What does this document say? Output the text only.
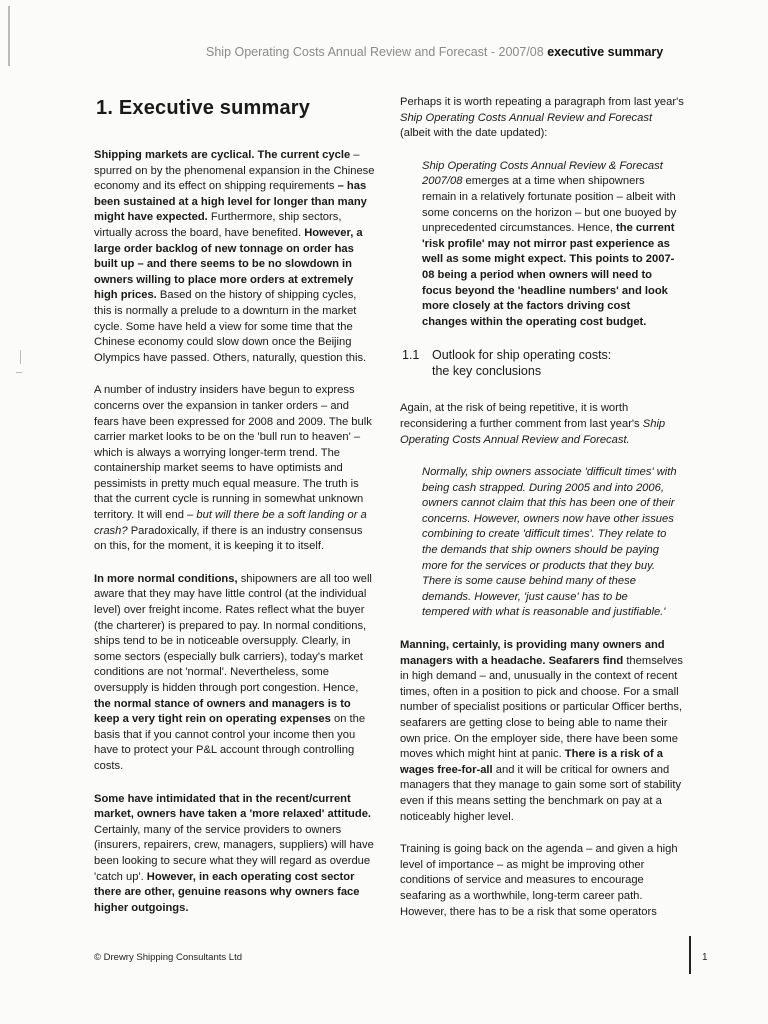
Ship Operating Costs Annual Review and Forecast - 2007/08 executive summary
1. Executive summary

Shipping markets are cyclical. The current cycle – spurred on by the phenomenal expansion in the Chinese economy and its effect on shipping requirements – has been sustained at a high level for longer than many might have expected. Furthermore, ship sectors, virtually across the board, have benefited. However, a large order backlog of new tonnage on order has built up – and there seems to be no slowdown in owners willing to place more orders at extremely high prices. Based on the history of shipping cycles, this is normally a prelude to a downturn in the market cycle. Some have held a view for some time that the Chinese economy could slow down once the Beijing Olympics have passed. Others, naturally, question this.

A number of industry insiders have begun to express concerns over the expansion in tanker orders – and fears have been expressed for 2008 and 2009. The bulk carrier market looks to be on the 'bull run to heaven' – which is always a worrying longer-term trend. The containership market seems to have optimists and pessimists in pretty much equal measure. The truth is that the current cycle is running in somewhat unknown territory. It will end – but will there be a soft landing or a crash? Paradoxically, if there is an industry consensus on this, for the moment, it is keeping it to itself.

In more normal conditions, shipowners are all too well aware that they may have little control (at the individual level) over freight income. Rates reflect what the buyer (the charterer) is prepared to pay. In normal conditions, ships tend to be in noticeable oversupply. Clearly, in some sectors (especially bulk carriers), today's market conditions are not 'normal'. Nevertheless, some oversupply is hidden through port congestion. Hence, the normal stance of owners and managers is to keep a very tight rein on operating expenses on the basis that if you cannot control your income then you have to protect your P&L account through controlling costs.

Some have intimidated that in the recent/current market, owners have taken a 'more relaxed' attitude. Certainly, many of the service providers to owners (insurers, repairers, crew, managers, suppliers) will have been looking to secure what they will regard as overdue 'catch up'. However, in each operating cost sector there are other, genuine reasons why owners face higher outgoings.

Perhaps it is worth repeating a paragraph from last year's Ship Operating Costs Annual Review and Forecast (albeit with the date updated):

Ship Operating Costs Annual Review & Forecast 2007/08 emerges at a time when shipowners remain in a relatively fortunate position – albeit with some concerns on the horizon – but one buoyed by unprecedented circumstances. Hence, the current 'risk profile' may not mirror past experience as well as some might expect. This points to 2007-08 being a period when owners will need to focus beyond the 'headline numbers' and look more closely at the factors driving cost changes within the operating cost budget.

1.1 Outlook for ship operating costs:
the key conclusions

Again, at the risk of being repetitive, it is worth reconsidering a further comment from last year's Ship Operating Costs Annual Review and Forecast.

Normally, ship owners associate 'difficult times' with being cash strapped. During 2005 and into 2006, owners cannot claim that this has been one of their concerns. However, owners now have other issues combining to create 'difficult times'. They relate to the demands that ship owners should be paying more for the services or products that they buy. There is some cause behind many of these demands. However, 'just cause' has to be tempered with what is reasonable and justifiable.'

Manning, certainly, is providing many owners and managers with a headache. Seafarers find themselves in high demand – and, unusually in the context of recent times, often in a position to pick and choose. For a small number of specialist positions or particular Officer berths, seafarers are getting close to being able to name their own price. On the employer side, there have been some moves which might hint at panic. There is a risk of a wages free-for-all and it will be critical for owners and managers that they manage to gain some sort of stability even if this means setting the benchmark on pay at a noticeably higher level.

Training is going back on the agenda – and given a high level of importance – as might be improving other conditions of service and measures to encourage seafaring as a worthwhile, long-term career path. However, there has to be a risk that some operators

© Drewry Shipping Consultants Ltd	1
